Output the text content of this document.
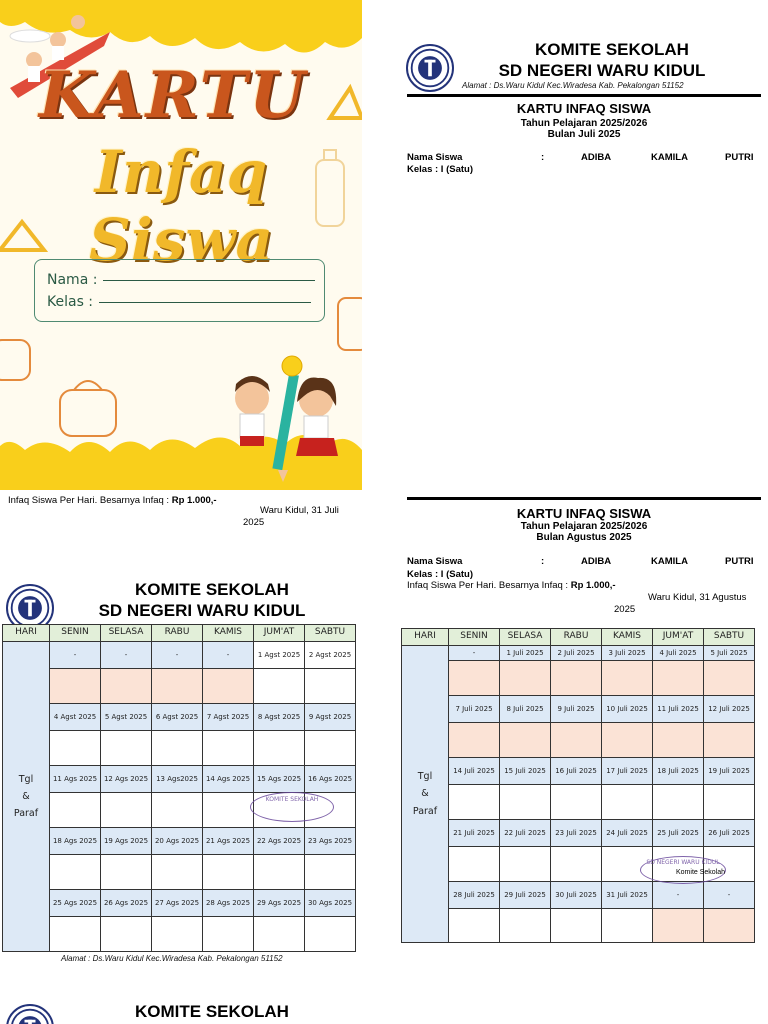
KARTU
Infaq Siswa
Nama :
Kelas :
Infaq Siswa Per Hari. Besarnya Infaq : Rp 1.000,-
Waru Kidul, 31 Juli
2025
KOMITE SEKOLAH
SD NEGERI WARU KIDUL
Alamat : Ds.Waru Kidul Kec.Wiradesa Kab. Pekalongan 51152
KARTU INFAQ SISWA
Tahun Pelajaran 2025/2026
Bulan Juli 2025
Nama Siswa	:	ADIBA	KAMILA	PUTRI
Kelas : I (Satu)
KARTU INFAQ SISWA
Tahun Pelajaran 2025/2026
Bulan Agustus 2025
Nama Siswa	:	ADIBA	KAMILA	PUTRI
Kelas : I (Satu)
Infaq Siswa Per Hari. Besarnya Infaq : Rp 1.000,-
Waru Kidul, 31 Agustus
2025
KOMITE SEKOLAH
SD NEGERI WARU KIDUL
HARI	SENIN	SELASA	RABU	KAMIS	JUM'AT	SABTU

Tgl
&
Paraf	-	-	-	-	1 Agst 2025	2 Agst 2025

	4 Agst 2025	5 Agst 2025	6 Agst 2025	7 Agst 2025	8 Agst 2025	9 Agst 2025

	11 Ags 2025	12 Ags 2025	13 Ags2025	14 Ags 2025	15 Ags 2025	16 Ags 2025

	18 Ags 2025	19 Ags 2025	20 Ags 2025	21 Ags 2025	22 Ags 2025	23 Ags 2025

	25 Ags 2025	26 Ags 2025	27 Ags 2025	28 Ags 2025	29 Ags 2025	30 Ags 2025

KOMITE SEKOLAH
Alamat : Ds.Waru Kidul Kec.Wiradesa Kab. Pekalongan 51152
HARI	SENIN	SELASA	RABU	KAMIS	JUM'AT	SABTU

Tgl
&
Paraf	-	1 Juli 2025	2 Juli 2025	3 Juli 2025	4 Juli 2025	5 Juli 2025

	7 Juli 2025	8 Juli 2025	9 Juli 2025	10 Juli 2025	11 Juli 2025	12 Juli 2025

	14 Juli 2025	15 Juli 2025	16 Juli 2025	17 Juli 2025	18 Juli 2025	19 Juli 2025

	21 Juli 2025	22 Juli 2025	23 Juli 2025	24 Juli 2025	25 Juli 2025	26 Juli 2025

	28 Juli 2025	29 Juli 2025	30 Juli 2025	31 Juli 2025	-	-

SD NEGERI WARU KIDUL
Komite Sekolah
KOMITE SEKOLAH
